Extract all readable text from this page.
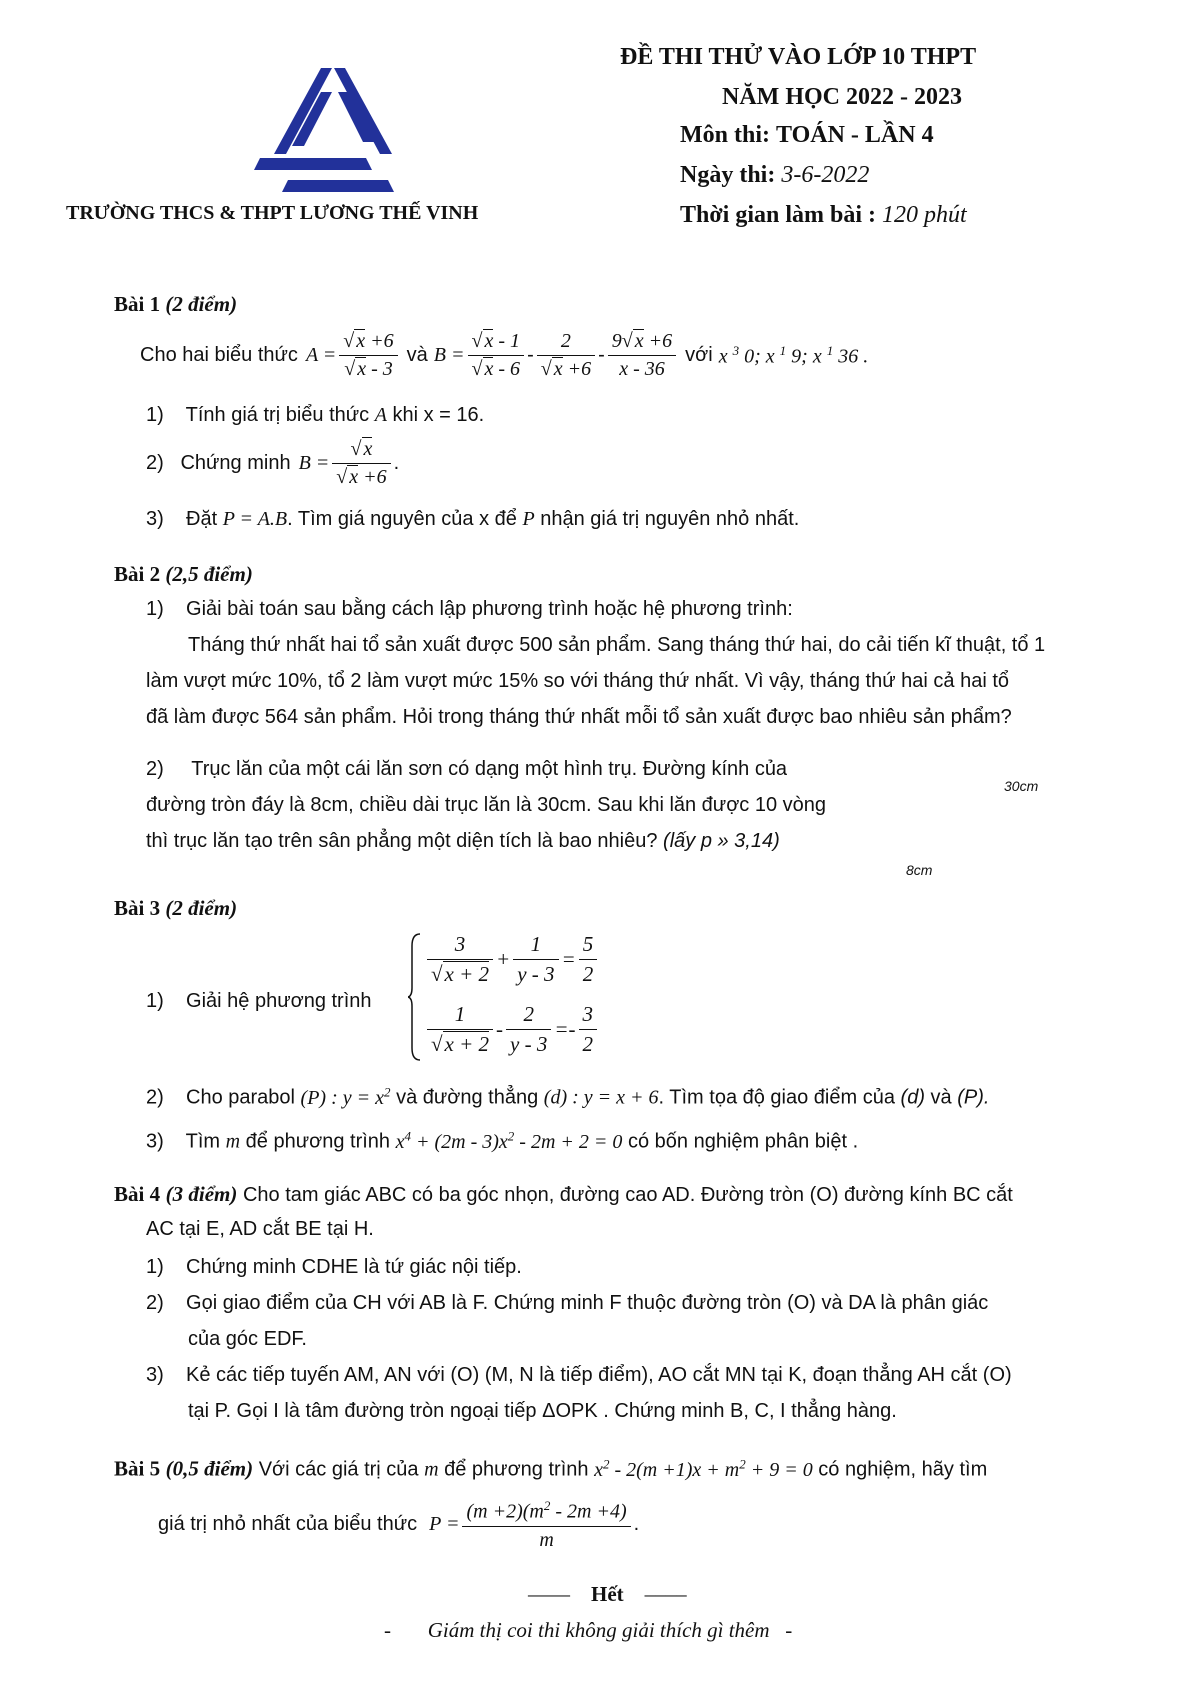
TRƯỜNG THCS & THPT LƯƠNG THẾ VINH
ĐỀ THI THỬ VÀO LỚP 10 THPT
NĂM HỌC 2022 - 2023
Môn thi: TOÁN - LẦN 4
Ngày thi: 3-6-2022
Thời gian làm bài : 120 phút
Bài 1 (2 điểm)
Cho hai biểu thức $A = \frac{√ x +6}{√ x - 3}$ và $B = \frac{√ x - 1}{√ x - 6} - \frac{2}{√ x +6} - \frac{9√ x +6}{x - 36}$ với x $^3$ 0; x $^1$ 9; x $^1$ 36 .
1)    Tính giá trị biểu thức A khi x = 16.
2) Chứng minh $B = \frac{√ x}{√ x +6}$ .
3)    Đặt P = A.B. Tìm giá nguyên của x để P nhận giá trị nguyên nhỏ nhất.
Bài 2 (2,5 điểm)
1)    Giải bài toán sau bằng cách lập phương trình hoặc hệ phương trình:
Tháng thứ nhất hai tổ sản xuất được 500 sản phẩm. Sang tháng thứ hai, do cải tiến kĩ thuật, tổ 1
làm vượt mức 10%, tổ 2 làm vượt mức 15% so với tháng thứ nhất. Vì vậy, tháng thứ hai cả hai tổ
đã làm được 564 sản phẩm. Hỏi trong tháng thứ nhất mỗi tổ sản xuất được bao nhiêu sản phẩm?
2)     Trục lăn của một cái lăn sơn có dạng một hình trụ. Đường kính của
đường tròn đáy là 8cm, chiều dài trục lăn là 30cm. Sau khi lăn được 10 vòng
thì trục lăn tạo trên sân phẳng một diện tích là bao nhiêu? (lấy p » 3,14)
30cm
8cm
Bài 3 (2 điểm)
1)    Giải hệ phương trình
$\frac{3}{√x + 2} + \frac{1}{y - 3} = \frac{5}{2}$
$\frac{1}{√x + 2} - \frac{2}{y - 3} =- \frac{3}{2}$
2)    Cho parabol (P) : $y = x^2$ và đường thẳng (d) : y = x + 6. Tìm tọa độ giao điểm của (d) và (P).
3)    Tìm m để phương trình $x^4 + (2m - 3)x^2 - 2m + 2 = 0$ có bốn nghiệm phân biệt .
Bài 4 (3 điểm) Cho tam giác ABC có ba góc nhọn, đường cao AD. Đường tròn (O) đường kính BC cắt
AC tại E, AD cắt BE tại H.
1)    Chứng minh CDHE là tứ giác nội tiếp.
2)    Gọi giao điểm của CH với AB là F. Chứng minh F thuộc đường tròn (O) và DA là phân giác
của góc EDF.
3)    Kẻ các tiếp tuyến AM, AN với (O) (M, N là tiếp điểm), AO cắt MN tại K, đoạn thẳng AH cắt (O)
tại P. Gọi I là tâm đường tròn ngoại tiếp ΔOPK . Chứng minh B, C, I thẳng hàng.
Bài 5 (0,5 điểm) Với các giá trị của m để phương trình $x^2 - 2(m +1)x + m^2 + 9 = 0$ có nghiệm, hãy tìm
giá trị nhỏ nhất của biểu thức $P = \frac{(m +2)(m^2 - 2m +4)}{m}$ .
––––    Hết    ––––
-       Giám thị coi thi không giải thích gì thêm   -
